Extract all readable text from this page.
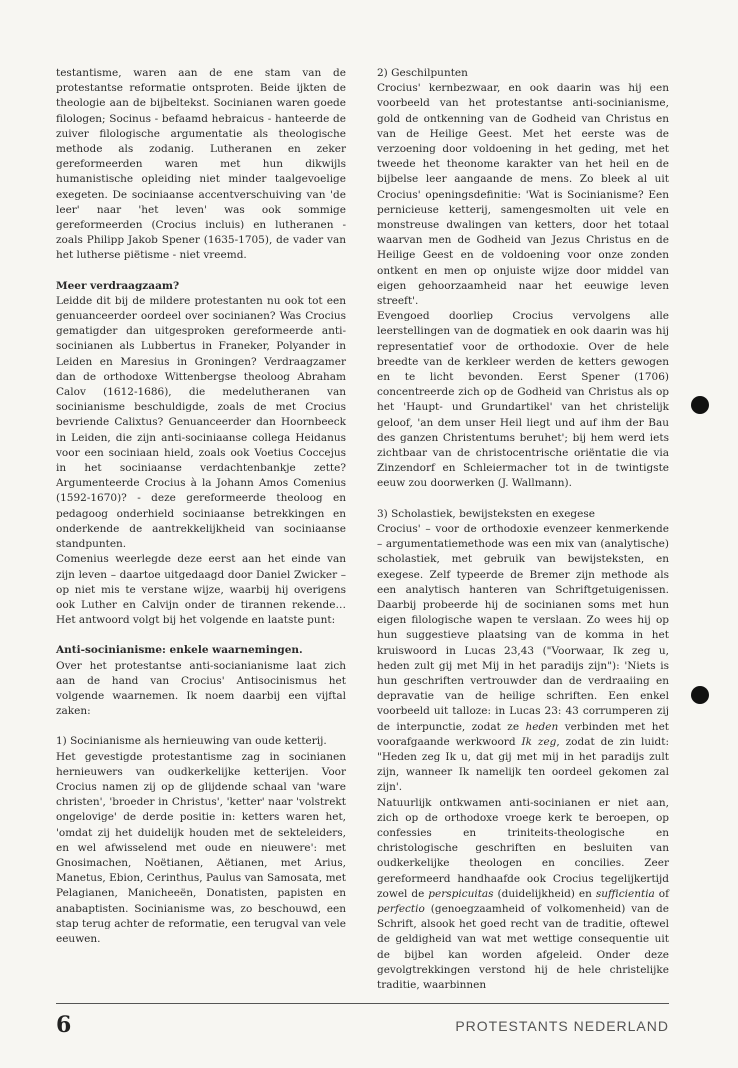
testantisme, waren aan de ene stam van de protestantse reformatie ontsproten. Beide ijkten de theologie aan de bijbeltekst. Socinianen waren goede filologen; Socinus - befaamd hebraicus - hanteerde de zuiver filologische argumentatie als theologische methode als zodanig. Lutheranen en zeker gereformeerden waren met hun dikwijls humanistische opleiding niet minder taalgevoelige exegeten. De sociniaanse accentverschuiving van 'de leer' naar 'het leven' was ook sommige gereformeerden (Crocius incluis) en lutheranen - zoals Philipp Jakob Spener (1635-1705), de vader van het lutherse piëtisme - niet vreemd.

Meer verdraagzaam?

Leidde dit bij de mildere protestanten nu ook tot een genuanceerder oordeel over socinianen? Was Crocius gematigder dan uitgesproken gereformeerde anti-socinianen als Lubbertus in Franeker, Polyander in Leiden en Maresius in Groningen? Verdraagzamer dan de orthodoxe Wittenbergse theoloog Abraham Calov (1612-1686), die medelutheranen van socinianisme beschuldigde, zoals de met Crocius bevriende Calixtus? Genuanceerder dan Hoornbeeck in Leiden, die zijn anti-sociniaanse collega Heidanus voor een sociniaan hield, zoals ook Voetius Coccejus in het sociniaanse verdachtenbankje zette? Argumenteerde Crocius à la Johann Amos Comenius (1592-1670)? - deze gereformeerde theoloog en pedagoog onderhield sociniaanse betrekkingen en onderkende de aantrekkelijkheid van sociniaanse standpunten.

Comenius weerlegde deze eerst aan het einde van zijn leven – daartoe uitgedaagd door Daniel Zwicker – op niet mis te verstane wijze, waarbij hij overigens ook Luther en Calvijn onder de tirannen rekende… Het antwoord volgt bij het volgende en laatste punt:

Anti-socinianisme: enkele waarnemingen.

Over het protestantse anti-socianianisme laat zich aan de hand van Crocius' Antisocinismus het volgende waarnemen. Ik noem daarbij een vijftal zaken:

1) Socinianisme als hernieuwing van oude ketterij.

Het gevestigde protestantisme zag in socinianen hernieuwers van oudkerkelijke ketterijen. Voor Crocius namen zij op de glijdende schaal van 'ware christen', 'broeder in Christus', 'ketter' naar 'volstrekt ongelovige' de derde positie in: ketters waren het, 'omdat zij het duidelijk houden met de sekteleiders, en wel afwisselend met oude en nieuwere': met Gnosimachen, Noëtianen, Aëtianen, met Arius, Manetus, Ebion, Cerinthus, Paulus van Samosata, met Pelagianen, Manicheeën, Donatisten, papisten en anabaptisten. Socinianisme was, zo beschouwd, een stap terug achter de reformatie, een terugval van vele eeuwen.

2) Geschilpunten

Crocius' kernbezwaar, en ook daarin was hij een voorbeeld van het protestantse anti-socinianisme, gold de ontkenning van de Godheid van Christus en van de Heilige Geest. Met het eerste was de verzoening door voldoening in het geding, met het tweede het theonome karakter van het heil en de bijbelse leer aangaande de mens. Zo bleek al uit Crocius' openingsdefinitie: 'Wat is Socinianisme? Een pernicieuse ketterij, samengesmolten uit vele en monstreuse dwalingen van ketters, door het totaal waarvan men de Godheid van Jezus Christus en de Heilige Geest en de voldoening voor onze zonden ontkent en men op onjuiste wijze door middel van eigen gehoorzaamheid naar het eeuwige leven streeft'.

Evengoed doorliep Crocius vervolgens alle leerstellingen van de dogmatiek en ook daarin was hij representatief voor de orthodoxie. Over de hele breedte van de kerkleer werden de ketters gewogen en te licht bevonden. Eerst Spener (1706) concentreerde zich op de Godheid van Christus als op het 'Haupt- und Grundartikel' van het christelijk geloof, 'an dem unser Heil liegt und auf ihm der Bau des ganzen Christentums beruhet'; bij hem werd iets zichtbaar van de christocentrische oriëntatie die via Zinzendorf en Schleiermacher tot in de twintigste eeuw zou doorwerken (J. Wallmann).

3) Scholastiek, bewijsteksten en exegese

Crocius' – voor de orthodoxie evenzeer kenmerkende – argumentatiemethode was een mix van (analytische) scholastiek, met gebruik van bewijsteksten, en exegese. Zelf typeerde de Bremer zijn methode als een analytisch hanteren van Schriftgetuigenissen. Daarbij probeerde hij de socinianen soms met hun eigen filologische wapen te verslaan. Zo wees hij op hun suggestieve plaatsing van de komma in het kruiswoord in Lucas 23,43 ("Voorwaar, Ik zeg u, heden zult gij met Mij in het paradijs zijn"): 'Niets is hun geschriften vertrouwder dan de verdraaiing en depravatie van de heilige schriften. Een enkel voorbeeld uit talloze: in Lucas 23: 43 corrumperen zij de interpunctie, zodat ze heden verbinden met het voorafgaande werkwoord Ik zeg, zodat de zin luidt: "Heden zeg Ik u, dat gij met mij in het paradijs zult zijn, wanneer Ik namelijk ten oordeel gekomen zal zijn'.

Natuurlijk ontkwamen anti-socinianen er niet aan, zich op de orthodoxe vroege kerk te beroepen, op confessies en triniteits-theologische en christologische geschriften en besluiten van oudkerkelijke theologen en concilies. Zeer gereformeerd handhaafde ook Crocius tegelijkertijd zowel de perspicuitas (duidelijkheid) en sufficientia of perfectio (genoegzaamheid of volkomenheid) van de Schrift, alsook het goed recht van de traditie, oftewel de geldigheid van wat met wettige consequentie uit de bijbel kan worden afgeleid. Onder deze gevolgtrekkingen verstond hij de hele christelijke traditie, waarbinnen

6	PROTESTANTS NEDERLAND
